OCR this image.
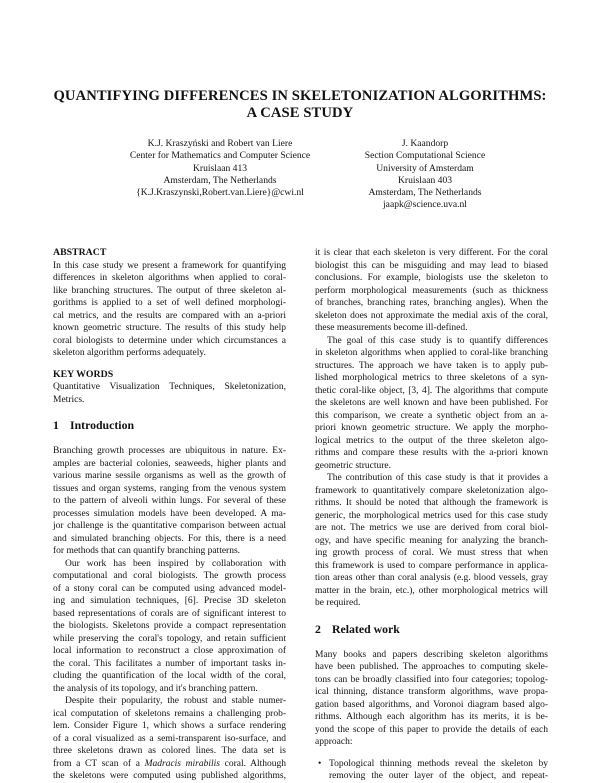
QUANTIFYING DIFFERENCES IN SKELETONIZATION ALGORITHMS:
A CASE STUDY
K.J. Kraszyński and Robert van Liere
Center for Mathematics and Computer Science
Kruislaan 413
Amsterdam, The Netherlands
{K.J.Kraszynski,Robert.van.Liere}@cwi.nl
J. Kaandorp
Section Computational Science
University of Amsterdam
Kruislaan 403
Amsterdam, The Netherlands
jaapk@science.uva.nl
ABSTRACT
In this case study we present a framework for quantifying
differences in skeleton algorithms when applied to coral-
like branching structures. The output of three skeleton al-
gorithms is applied to a set of well defined morphologi-
cal metrics, and the results are compared with an a-priori
known geometric structure. The results of this study help
coral biologists to determine under which circumstances a
skeleton algorithm performs adequately.
KEY WORDS
Quantitative Visualization Techniques, Skeletonization,
Metrics.
1 Introduction
Branching growth processes are ubiquitous in nature. Ex-
amples are bacterial colonies, seaweeds, higher plants and
various marine sessile organisms as well as the growth of
tissues and organ systems, ranging from the venous system
to the pattern of alveoli within lungs. For several of these
processes simulation models have been developed. A ma-
jor challenge is the quantitative comparison between actual
and simulated branching objects. For this, there is a need
for methods that can quantify branching patterns.
Our work has been inspired by collaboration with
computational and coral biologists. The growth process
of a stony coral can be computed using advanced model-
ing and simulation techniques, [6]. Precise 3D skeleton
based representations of corals are of significant interest to
the biologists. Skeletons provide a compact representation
while preserving the coral's topology, and retain sufficient
local information to reconstruct a close approximation of
the coral. This facilitates a number of important tasks in-
cluding the quantification of the local width of the coral,
the analysis of its topology, and it's branching pattern.
Despite their popularity, the robust and stable numer-
ical computation of skeletons remains a challenging prob-
lem. Consider Figure 1, which shows a surface rendering
of a coral visualized as a semi-transparent iso-surface, and
three skeletons drawn as colored lines. The data set is
from a CT scan of a Madracis mirabilis coral. Although
the skeletons were computed using published algorithms,
it is clear that each skeleton is very different. For the coral
biologist this can be misguiding and may lead to biased
conclusions. For example, biologists use the skeleton to
perform morphological measurements (such as thickness
of branches, branching rates, branching angles). When the
skeleton does not approximate the medial axis of the coral,
these measurements become ill-defined.
The goal of this case study is to quantify differences
in skeleton algorithms when applied to coral-like branching
structures. The approach we have taken is to apply pub-
lished morphological metrics to three skeletons of a syn-
thetic coral-like object, [3, 4]. The algorithms that compute
the skeletons are well known and have been published. For
this comparison, we create a synthetic object from an a-
priori known geometric structure. We apply the morpho-
logical metrics to the output of the three skeleton algo-
rithms and compare these results with the a-priori known
geometric structure.
The contribution of this case study is that it provides a
framework to quantitatively compare skeletonization algo-
rithms. It should be noted that although the framework is
generic, the morphological metrics used for this case study
are not. The metrics we use are derived from coral biol-
ogy, and have specific meaning for analyzing the branch-
ing growth process of coral. We must stress that when
this framework is used to compare performance in applica-
tion areas other than coral analysis (e.g. blood vessels, gray
matter in the brain, etc.), other morphological metrics will
be required.
2 Related work
Many books and papers describing skeleton algorithms
have been published. The approaches to computing skele-
tons can be broadly classified into four categories; topolog-
ical thinning, distance transform algorithms, wave propa-
gation based algorithms, and Voronoi diagram based algo-
rithms. Although each algorithm has its merits, it is be-
yond the scope of this paper to provide the details of each
approach:
• Topological thinning methods reveal the skeleton by
removing the outer layer of the object, and repeat-
